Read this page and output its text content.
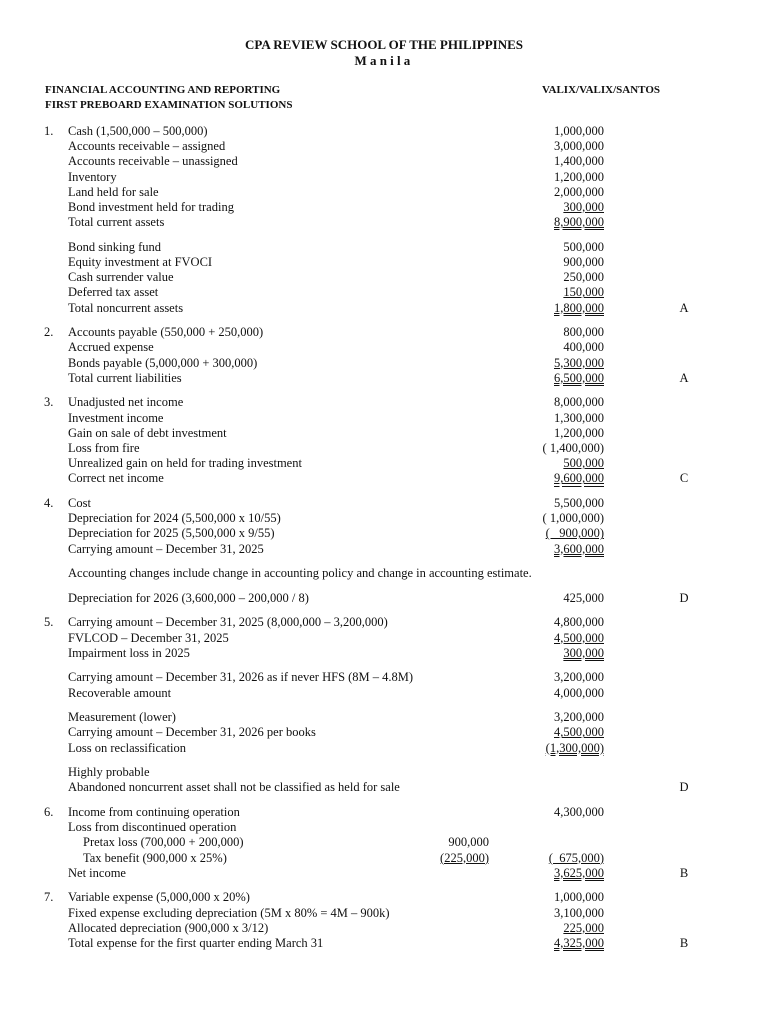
CPA REVIEW SCHOOL OF THE PHILIPPINES
Manila
FINANCIAL ACCOUNTING AND REPORTING
FIRST PREBOARD EXAMINATION SOLUTIONS
VALIX/VALIX/SANTOS
1. Cash (1,500,000 – 500,000)	1,000,000
Accounts receivable – assigned	3,000,000
Accounts receivable – unassigned	1,400,000
Inventory	1,200,000
Land held for sale	2,000,000
Bond investment held for trading	300,000
Total current assets	8,900,000
Bond sinking fund	500,000
Equity investment at FVOCI	900,000
Cash surrender value	250,000
Deferred tax asset	150,000
Total noncurrent assets	1,800,000	A
2. Accounts payable (550,000 + 250,000)	800,000
Accrued expense	400,000
Bonds payable (5,000,000 + 300,000)	5,300,000
Total current liabilities	6,500,000	A
3. Unadjusted net income	8,000,000
Investment income	1,300,000
Gain on sale of debt investment	1,200,000
Loss from fire	( 1,400,000)
Unrealized gain on held for trading investment	500,000
Correct net income	9,600,000	C
4. Cost	5,500,000
Depreciation for 2024 (5,500,000 x 10/55)	( 1,000,000)
Depreciation for 2025 (5,500,000 x 9/55)	(   900,000)
Carrying amount – December 31, 2025	3,600,000
Accounting changes include change in accounting policy and change in accounting estimate.
Depreciation for 2026 (3,600,000 – 200,000 / 8)	425,000	D
5. Carrying amount – December 31, 2025 (8,000,000 – 3,200,000)	4,800,000
FVLCOD – December 31, 2025	4,500,000
Impairment loss in 2025	300,000
Carrying amount – December 31, 2026 as if never HFS (8M – 4.8M)	3,200,000
Recoverable amount	4,000,000
Measurement (lower)	3,200,000
Carrying amount – December 31, 2026 per books	4,500,000
Loss on reclassification	(1,300,000)
Highly probable
Abandoned noncurrent asset shall not be classified as held for sale	D
6. Income from continuing operation	4,300,000
Loss from discontinued operation
Pretax loss (700,000 + 200,000)	900,000
Tax benefit (900,000 x 25%)	(225,000)	(  675,000)
Net income	3,625,000	B
7. Variable expense (5,000,000 x 20%)	1,000,000
Fixed expense excluding depreciation (5M x 80% = 4M – 900k)	3,100,000
Allocated depreciation (900,000 x 3/12)	225,000
Total expense for the first quarter ending March 31	4,325,000	B
